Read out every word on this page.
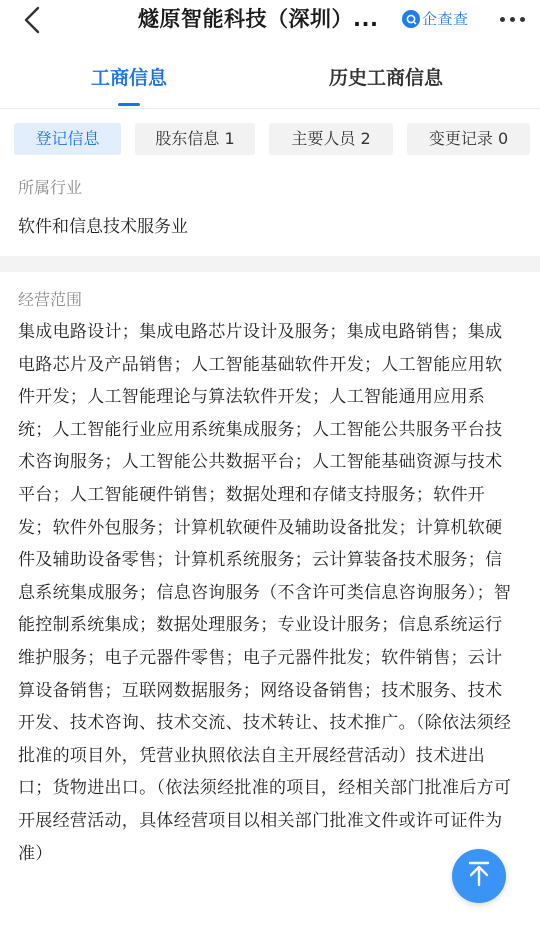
燧原智能科技（深圳）...	企查查
工商信息	历史工商信息
登记信息	股东信息 1	主要人员 2	变更记录 0
所属行业
软件和信息技术服务业
经营范围
集成电路设计；集成电路芯片设计及服务；集成电路销售；集成电路芯片及产品销售；人工智能基础软件开发；人工智能应用软件开发；人工智能理论与算法软件开发；人工智能通用应用系统；人工智能行业应用系统集成服务；人工智能公共服务平台技术咨询服务；人工智能公共数据平台；人工智能基础资源与技术平台；人工智能硬件销售；数据处理和存储支持服务；软件开发；软件外包服务；计算机软硬件及辅助设备批发；计算机软硬件及辅助设备零售；计算机系统服务；云计算装备技术服务；信息系统集成服务；信息咨询服务（不含许可类信息咨询服务）；智能控制系统集成；数据处理服务；专业设计服务；信息系统运行维护服务；电子元器件零售；电子元器件批发；软件销售；云计算设备销售；互联网数据服务；网络设备销售；技术服务、技术开发、技术咨询、技术交流、技术转让、技术推广。（除依法须经批准的项目外，凭营业执照依法自主开展经营活动）技术进出口；货物进出口。（依法须经批准的项目，经相关部门批准后方可开展经营活动，具体经营项目以相关部门批准文件或许可证件为准）
